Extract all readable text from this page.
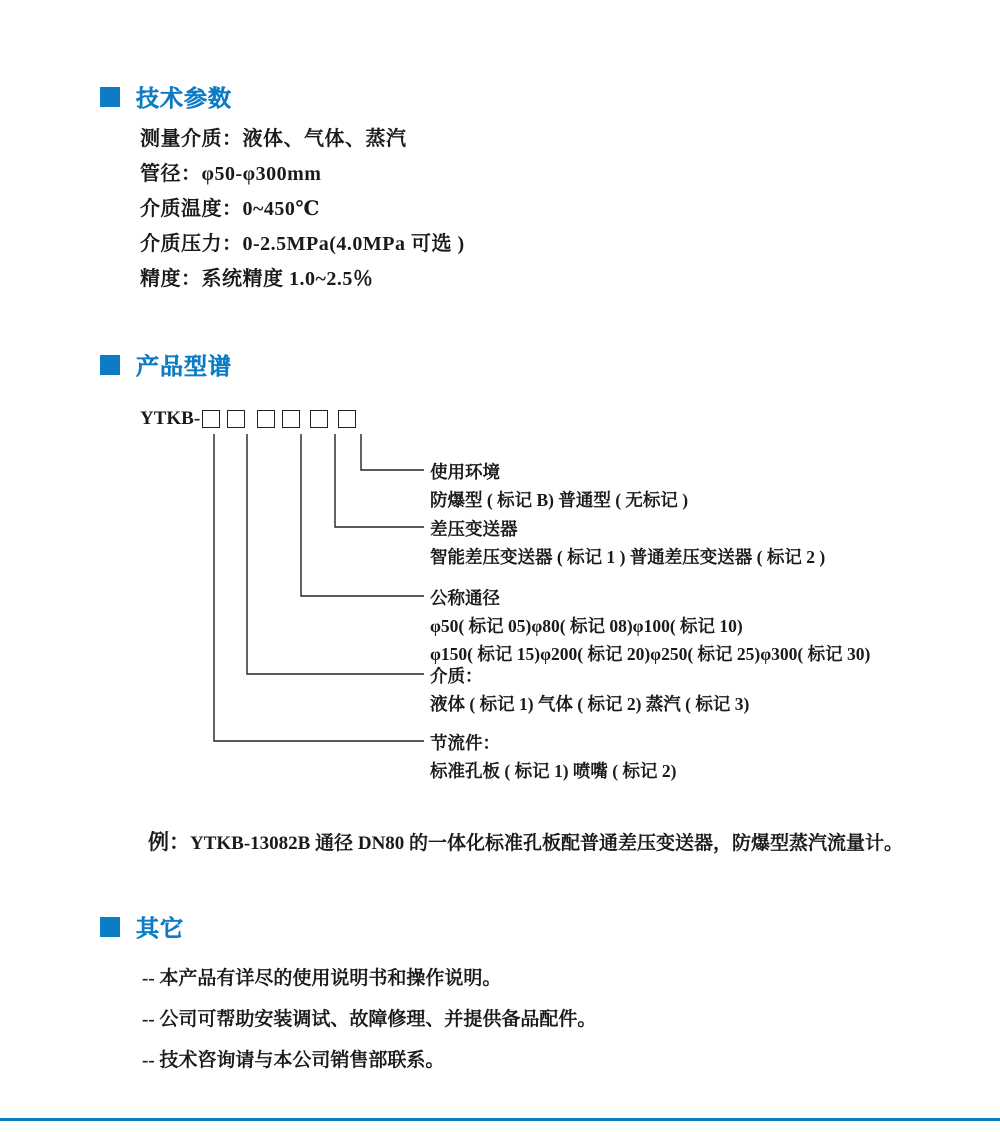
技术参数
测量介质：液体、气体、蒸汽
管径：φ50-φ300mm
介质温度：0~450℃
介质压力：0-2.5MPa(4.0MPa 可选 )
精度：系统精度 1.0~2.5％
产品型谱
YTKB-
使用环境
防爆型 ( 标记 B) 普通型 ( 无标记 )
差压变送器
智能差压变送器 ( 标记 1 ) 普通差压变送器 ( 标记 2 )
公称通径
φ50( 标记 05)φ80( 标记 08)φ100( 标记 10)
φ150( 标记 15)φ200( 标记 20)φ250( 标记 25)φ300( 标记 30)
介质：
液体 ( 标记 1) 气体 ( 标记 2) 蒸汽 ( 标记 3)
节流件：
标准孔板 ( 标记 1) 喷嘴 ( 标记 2)
例：YTKB-13082B 通径 DN80 的一体化标准孔板配普通差压变送器，防爆型蒸汽流量计。
其它
-- 本产品有详尽的使用说明书和操作说明。
-- 公司可帮助安装调试、故障修理、并提供备品配件。
-- 技术咨询请与本公司销售部联系。
